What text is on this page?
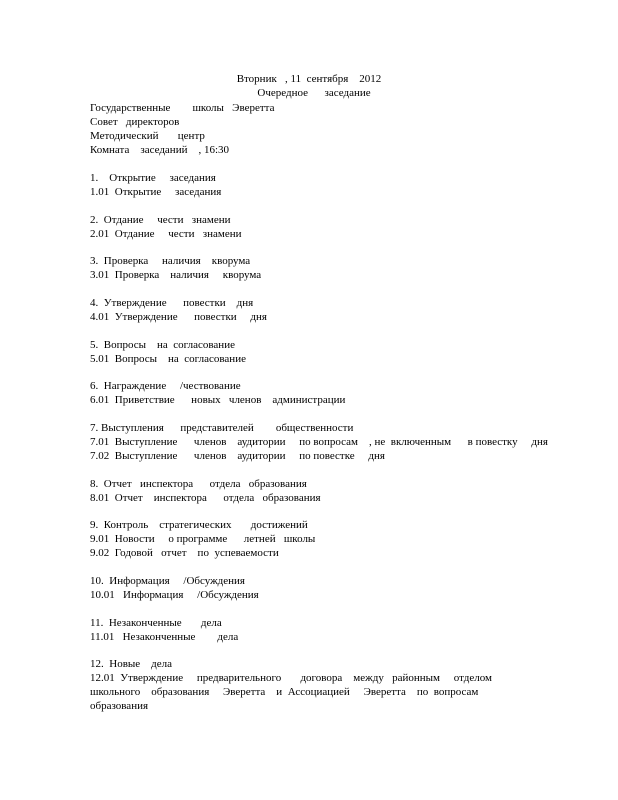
Вторник   , 11  сентября    2012
Очередное      заседание
Государственные        школы   Эверетта
Совет   директоров
Методический       центр
Комната    заседаний    , 16:30
1.    Открытие     заседания
1.01  Открытие     заседания
2.  Отдание     чести   знамени
2.01  Отдание     чести   знамени
3.  Проверка     наличия    кворума
3.01  Проверка    наличия     кворума
4.  Утверждение      повестки    дня
4.01  Утверждение      повестки     дня
5.  Вопросы    на  согласование
5.01  Вопросы    на  согласование
6.  Награждение     /чествование
6.01  Приветствие      новых   членов    администрации
7. Выступления      представителей        общественности
7.01  Выступление      членов    аудитории     по вопросам    , не  включенным      в повестку     дня
7.02  Выступление      членов    аудитории     по повестке     дня
8.  Отчет   инспектора      отдела   образования
8.01  Отчет    инспектора      отдела   образования
9.  Контроль    стратегических       достижений
9.01  Новости     о программе      летней   школы
9.02  Годовой   отчет    по  успеваемости
10.  Информация     /Обсуждения
10.01   Информация     /Обсуждения
11.  Незаконченные       дела
11.01   Незаконченные        дела
12.  Новые    дела
12.01  Утверждение     предварительного       договора    между   районным     отделом
школьного    образования     Эверетта    и  Ассоциацией     Эверетта    по  вопросам
образования
